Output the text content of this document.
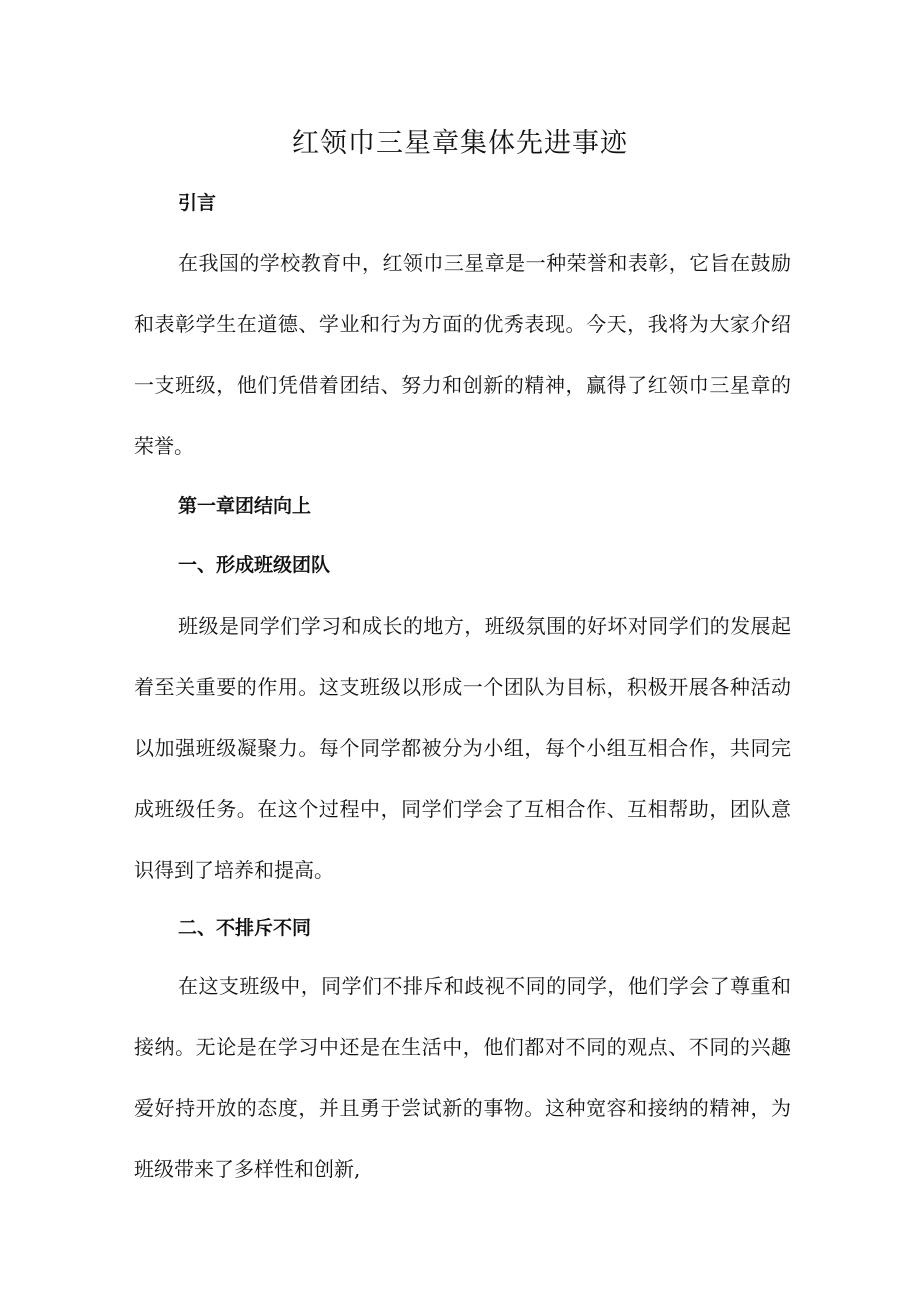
红领巾三星章集体先进事迹
引言

在我国的学校教育中，红领巾三星章是一种荣誉和表彰，它旨在鼓励和表彰学生在道德、学业和行为方面的优秀表现。今天，我将为大家介绍一支班级，他们凭借着团结、努力和创新的精神，赢得了红领巾三星章的荣誉。

第一章团结向上
一、形成班级团队

班级是同学们学习和成长的地方，班级氛围的好坏对同学们的发展起着至关重要的作用。这支班级以形成一个团队为目标，积极开展各种活动以加强班级凝聚力。每个同学都被分为小组，每个小组互相合作，共同完成班级任务。在这个过程中，同学们学会了互相合作、互相帮助，团队意识得到了培养和提高。

二、不排斥不同

在这支班级中，同学们不排斥和歧视不同的同学，他们学会了尊重和接纳。无论是在学习中还是在生活中，他们都对不同的观点、不同的兴趣爱好持开放的态度，并且勇于尝试新的事物。这种宽容和接纳的精神，为班级带来了多样性和创新,
